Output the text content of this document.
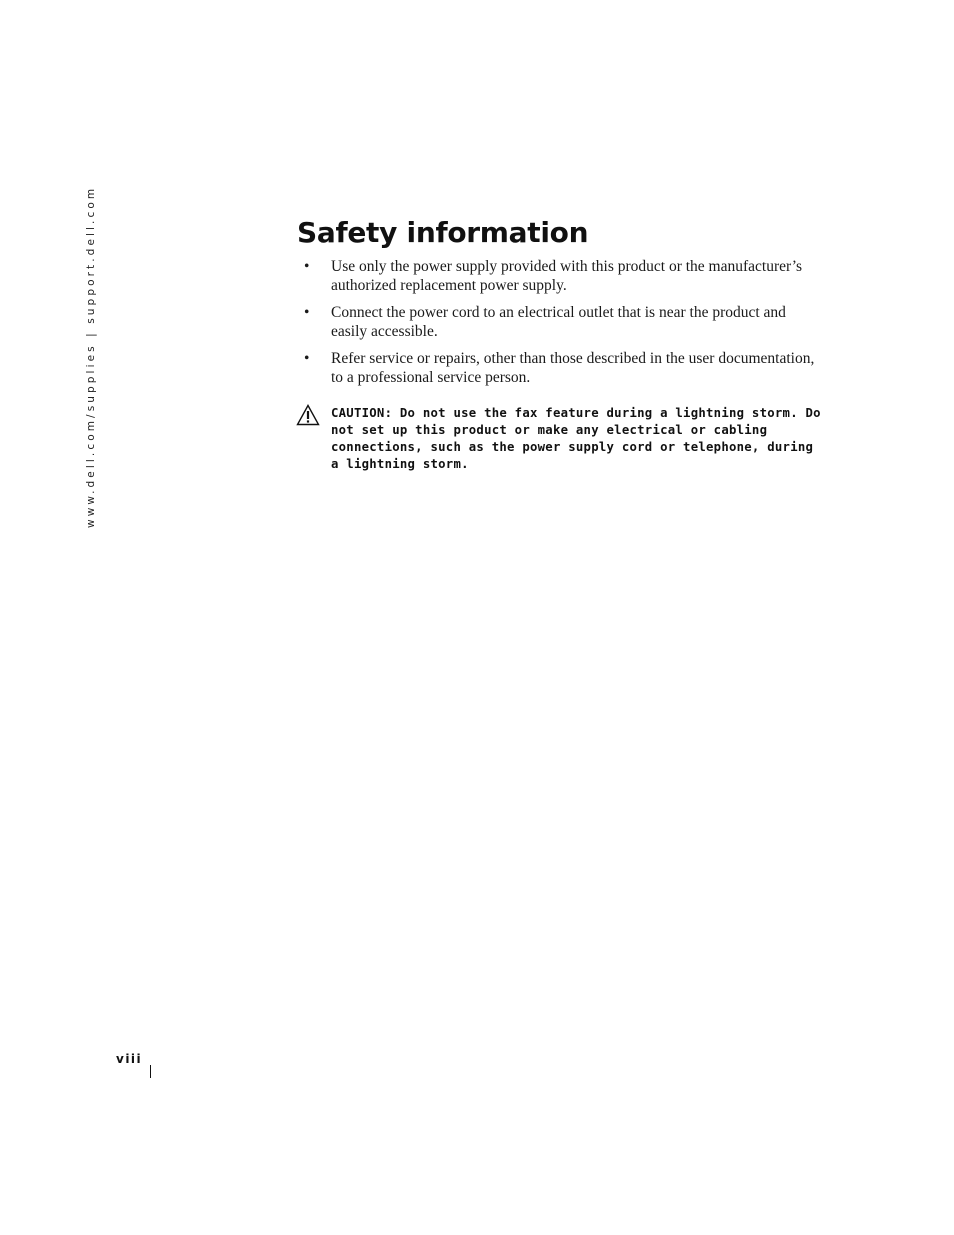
www.dell.com/supplies | support.dell.com	Safety information
• Use only the power supply provided with this product or the manufacturer’s authorized replacement power supply.
• Connect the power cord to an electrical outlet that is near the product and easily accessible.
• Refer service or repairs, other than those described in the user documentation, to a professional service person.

CAUTION: Do not use the fax feature during a lightning storm. Do not set up this product or make any electrical or cabling connections, such as the power supply cord or telephone, during a lightning storm.

viii
